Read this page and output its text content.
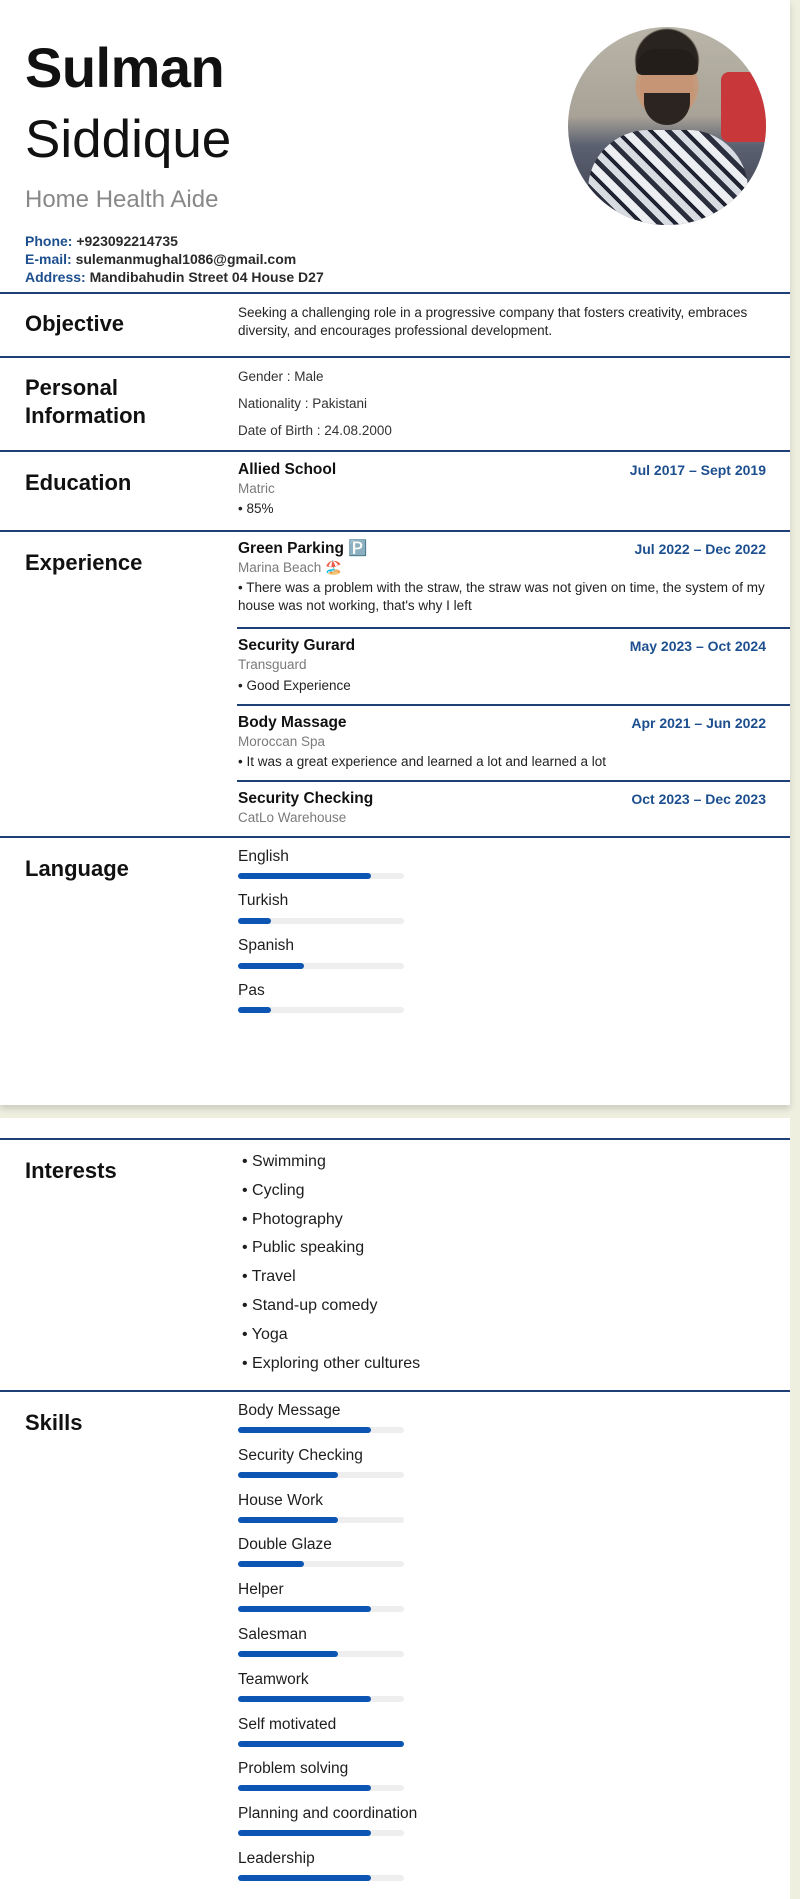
Sulman
Siddique
Home Health Aide
Phone: +923092214735
E-mail: sulemanmughal1086@gmail.com
Address: Mandibahudin Street 04 House D27
Objective	Seeking a challenging role in a progressive company that fosters creativity, embraces
diversity, and encourages professional development.
Personal
Information
Gender : Male
Nationality : Pakistani
Date of Birth : 24.08.2000
Education
Allied School	Jul 2017 – Sept 2019
Matric
• 85%
Experience
Green Parking 🅿️	Jul 2022 – Dec 2022
Marina Beach 🏖️
• There was a problem with the straw, the straw was not given on time, the system of my
house was not working, that's why I left
Security Gurard	May 2023 – Oct 2024
Transguard
• Good Experience
Body Massage	Apr 2021 – Jun 2022
Moroccan Spa
• It was a great experience and learned a lot and learned a lot
Security Checking	Oct 2023 – Dec 2023
CatLo Warehouse
Language	English
Turkish
Spanish
Pas
Interests	• Swimming
• Cycling
• Photography
• Public speaking
• Travel
• Stand-up comedy
• Yoga
• Exploring other cultures
Skills	Body Message
Security Checking
House Work
Double Glaze
Helper
Salesman
Teamwork
Self motivated
Problem solving
Planning and coordination
Leadership
